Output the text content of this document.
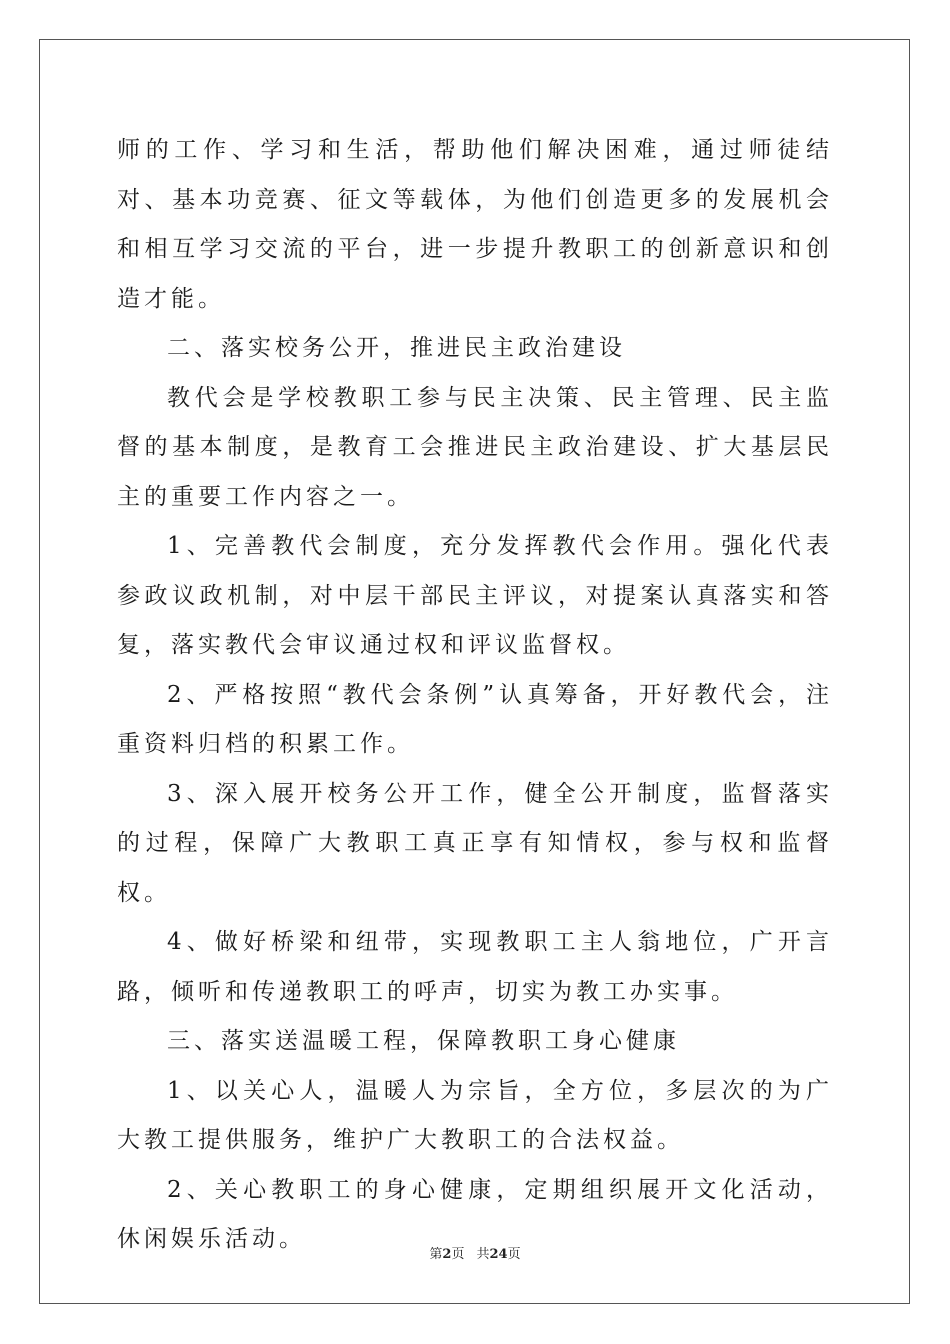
师的工作、学习和生活，帮助他们解决困难，通过师徒结对、基本功竞赛、征文等载体，为他们创造更多的发展机会和相互学习交流的平台，进一步提升教职工的创新意识和创造才能。

二、落实校务公开，推进民主政治建设

教代会是学校教职工参与民主决策、民主管理、民主监督的基本制度，是教育工会推进民主政治建设、扩大基层民主的重要工作内容之一。

1、完善教代会制度，充分发挥教代会作用。强化代表参政议政机制，对中层干部民主评议，对提案认真落实和答复，落实教代会审议通过权和评议监督权。

2、严格按照“教代会条例”认真筹备，开好教代会，注重资料归档的积累工作。

3、深入展开校务公开工作，健全公开制度，监督落实的过程，保障广大教职工真正享有知情权，参与权和监督权。

4、做好桥梁和纽带，实现教职工主人翁地位，广开言路，倾听和传递教职工的呼声，切实为教工办实事。

三、落实送温暖工程，保障教职工身心健康

1、以关心人，温暖人为宗旨，全方位，多层次的为广大教工提供服务，维护广大教职工的合法权益。

2、关心教职工的身心健康，定期组织展开文化活动，休闲娱乐活动。

第2页 共24页
